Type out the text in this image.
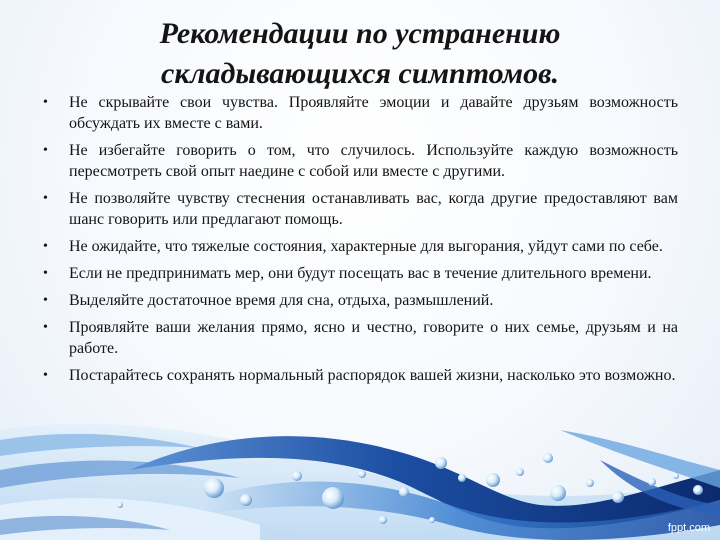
Рекомендации по устранению
складывающихся симптомов.
• Не скрывайте свои чувства. Проявляйте эмоции и давайте друзьям возможность обсуждать их вместе с вами.
• Не избегайте говорить о том, что случилось. Используйте каждую возможность пересмотреть свой опыт наедине с собой или вместе с другими.
• Не позволяйте чувству стеснения останавливать вас, когда другие предоставляют вам шанс говорить или предлагают помощь.
• Не ожидайте, что тяжелые состояния, характерные для выгорания, уйдут сами по себе.
• Если не предпринимать мер, они будут посещать вас в течение длительного времени.
• Выделяйте достаточное время для сна, отдыха, размышлений.
• Проявляйте ваши желания прямо, ясно и честно, говорите о них семье, друзьям и на работе.
• Постарайтесь сохранять нормальный распорядок вашей жизни, насколько это возможно.
fppt.com
